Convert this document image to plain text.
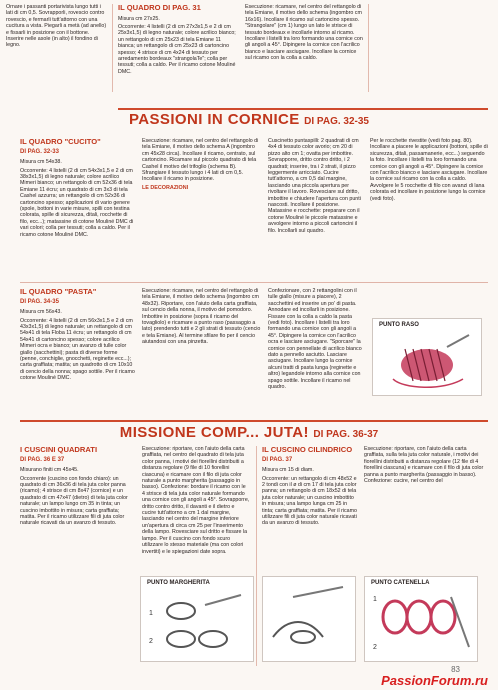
Ornare i passanti portarivista lungo tutti i lati di cm 0,5. Sovrapporli, rovescio contro rovescio, e fermarli tutt'attorno con una cucitura a vista. Piegarli a metà (ad anello) e fissarli in posizione con il bottone. Inserire nelle asole (in alto) il fondino di legno.

IL QUADRO DI PAG. 31

Misura cm 27x25.

Occorrente: 4 listelli (2 di cm 27x3x1,5 e 2 di cm 25x3x1,5) di legno naturale; colore acrilico bianco; un rettangolo di cm 25x23 di tela Emiane 11 bianca; un rettangolo di cm 25x23 di cartoncino spesso; 4 strisce di cm 4x24 di tessuto per arredamento bordeaux "strangolaTe"; colla per tessuti; colla a caldo. Per il ricamo cotone Mouliné DMC.

Esecuzione: ricamare, nel centro del rettangolo di tela Emiane, il motivo dello schema (ingombro cm 16x16). Incollare il ricamo sul cartoncino spesso. "Strangolare" (cm 1) lungo un lato le strisce di tessuto bordeaux e incollarle intorno al ricamo. Incollare i listelli tra loro formando una cornice con gli angoli a 45°. Dipingere la cornice con l'acrilico bianco e lasciare asciugare. Incollare la cornice sul ricamo con la colla a caldo.

PASSIONI IN CORNICE DI PAG. 32-35
IL QUADRO "CUCITO"
DI PAG. 32-33

Misura cm 54x38.

Occorrente: 4 listelli (2 di cm 54x3x1,5 e 2 di cm 38x3x1,5) di legno naturale; colore acrilico Mimeri bianco; un rettangolo di cm 52x36 di tela Emiane 11 écru; un quadrato di cm 3x3 di tela Cashel azzurra; un rettangolo di cm 52x36 di cartoncino spesso; applicazioni di vario genere (spole, bottoni in varie misure, spilli con testina colorata, spille di sicurezza, ditali, rocchette di filo, ecc...); matassine di cotone Mouliné DMC di vari colori; colla per tessuti; colla a caldo. Per il ricamo cotone Mouliné DMC.

Esecuzione: ricamare, nel centro del rettangolo di tela Emiane, il motivo dello schema A (ingombro cm 45x28 circa). Incollare il ricamo, centrato, sul cartoncino. Ricamare sul piccolo quadrato di tela Cashel il motivo del trifoglio (schema B). Sfrangiare il tessuto lungo i 4 lati di cm 0,5. Incollare il ricamo in posizione.

LE DECORAZIONI

Cuscinetto puntaspilli: 2 quadrati di cm 4x4 di tessuto color avorio; cm 20 di pizzo alto cm 1; ovatta per imbottire. Sovrapporre, dritto contro dritto, i 2 quadrati; inserire, tra i 2 strati, il pizzo leggermente arricciato. Cucire tutt'attorno, a cm 0,5 dal margine, lasciando una piccola apertura per rivoltare il lavoro. Rovesciare sul dritto, imbottire e chiudere l'apertura con punti nascosti. Incollare il posizione. Matassine e rocchette: preparare con il cotone Mouliné le piccole matassine e avvolgere intorno a piccoli cartoncini il filo. Incollarli sul quadro.

Per le rocchette rivestite (vedi foto pag. 80). Incollare a piacere le applicazioni (bottoni, spille di sicurezza, ditali, passamanerie, ecc...) seguendo la foto. Incollare i listelli tra loro formando una cornice con gli angoli a 45°. Dipingere la cornice con l'acrilico bianco e lasciare asciugare. Incollare la cornice sul ricamo con la colla a caldo. Avvolgere le 5 rocchette di filo con avanzi di lana colorata ed incollare in posizione lungo la cornice (vedi foto).

IL QUADRO "PASTA"
DI PAG. 34-35

Misura cm 56x43.

Occorrente: 4 listelli (2 di cm 56x3x1,5 e 2 di cm 43x3x1,5) di legno naturale; un rettangolo di cm 54x41 di tela Floba 11 écru; un rettangolo di cm 54x41 di cartoncino spesso; colore acrilico Mimeri ocra e bianco; un avanzo di tulle color giallo (sacchettini); pasta di diverse forme (penne, conchiglie, gnocchetti, reginette ecc...); carta graffiata; matita; un quadrotto di cm 10x10 di cencio della nonna; spago sottile. Per il ricamo cotone Mouliné DMC.

Esecuzione: ricamare, nel centro del rettangolo di tela Emiane, il motivo dello schema (ingombro cm 48x32). Riportare, con l'aiuto della carta graffiata, sul cencio della nonna, il motivo del pomodoro. Imbottire in posizione (sopra il ricamo del tovagliolo) e ricamare a punto raso (passaggio a lato) prendendo tutti e 2 gli strati di tessuto (cencio e tela Emiane). Al termine sfilare fio per il cencio aiutandosi con una pinzetta.

Confezionare, con 2 rettangolini con il tulle giallo (misure a piacere), 2 sacchettini ed inserire un po' di pasta. Annodare ed incollarli in posizione. Fissare con la colla a caldo la pasta (vedi foto). Incollare i listelli tra loro formando una cornice con gli angoli a 45°. Dipingere la cornice con l'acrilico ocra e lasciare asciugare. "Sporcare" la cornice con pennellate di acrilico bianco dato a pennello asciutto. Lasciare asciugare. Incollare lungo la cornice alcuni tratti di pasta lunga (reginette e altro) legandole intorno alla cornice con spago sottile. Incollare il ricamo nel quadro.

PUNTO RASO
MISSIONE COMP... JUTA! DI PAG. 36-37
I CUSCINI QUADRATI
DI PAG. 36 E 37

Misurano finiti cm 45x45.

Occorrente (cuscino con fondo chiaro): un quadrato di cm 36x36 di tela juta color panna (ricamo); 4 strisce di cm 8x47 (cornice) e un quadrato di cm 47x47 (dietro) di tela juta color naturale; un lampo lungo cm 35 in tinta; un cuscino imbottito in misura; carta graffiata; matita. Per il ricamo utilizzare fili di juta color naturale ricavati da un avanzo di tessuto.

Esecuzione: riportare, con l'aiuto della carta graffiata, nel centro del quadrato di tela juta color panna, i motivi dei fiorellini distribuiti a distanza regolare (9 file di 10 fiorellini ciascuna) e ricamare con il filo di juta color naturale a punto margherita (passaggio in basso). Confezione: bordare il ricamo con le 4 strisce di tela juta color naturale formando una cornice con gli angoli a 45°. Sovrapporre, dritto contro dritto, il davanti e il dietro e cucire tutt'attorno a cm 1 dal margine, lasciando nel centro del margine inferiore un'apertura di circa cm 25 per l'inserimento della lampo. Rovesciare sul dritto e fissare la lampo. Per il cuscino con fondo scuro utilizzare lo stesso materiale (ma con colori invertiti) e le spiegazioni date sopra.

PUNTO MARGHERITA
1
2
IL CUSCINO CILINDRICO
DI PAG. 37

Misura cm 15 di diam.

Occorrente: un rettangolo di cm 48x52 e 2 tondi con il ø di cm 17 di tela juta color panna; un rettangolo di cm 18x52 di tela juta color naturale; un cuscino imbottito in misura; una lampo lunga cm 25 in tinta; carta graffiata; matita. Per il ricamo utilizzare fili di juta color naturale ricavati da un avanzo di tessuto.

Esecuzione: riportare, con l'aiuto della carta graffiata, sulla tela juta color naturale, i motivi dei fiorellini distribuiti a distanza regolare (12 file di 4 fiorellini ciascuna) e ricamare con il filo di juta color panna a punto margherita (passaggio in basso). Confezione: cucire, nel centro del

PUNTO CATENELLA
1
2
83
PassionForum.ru
